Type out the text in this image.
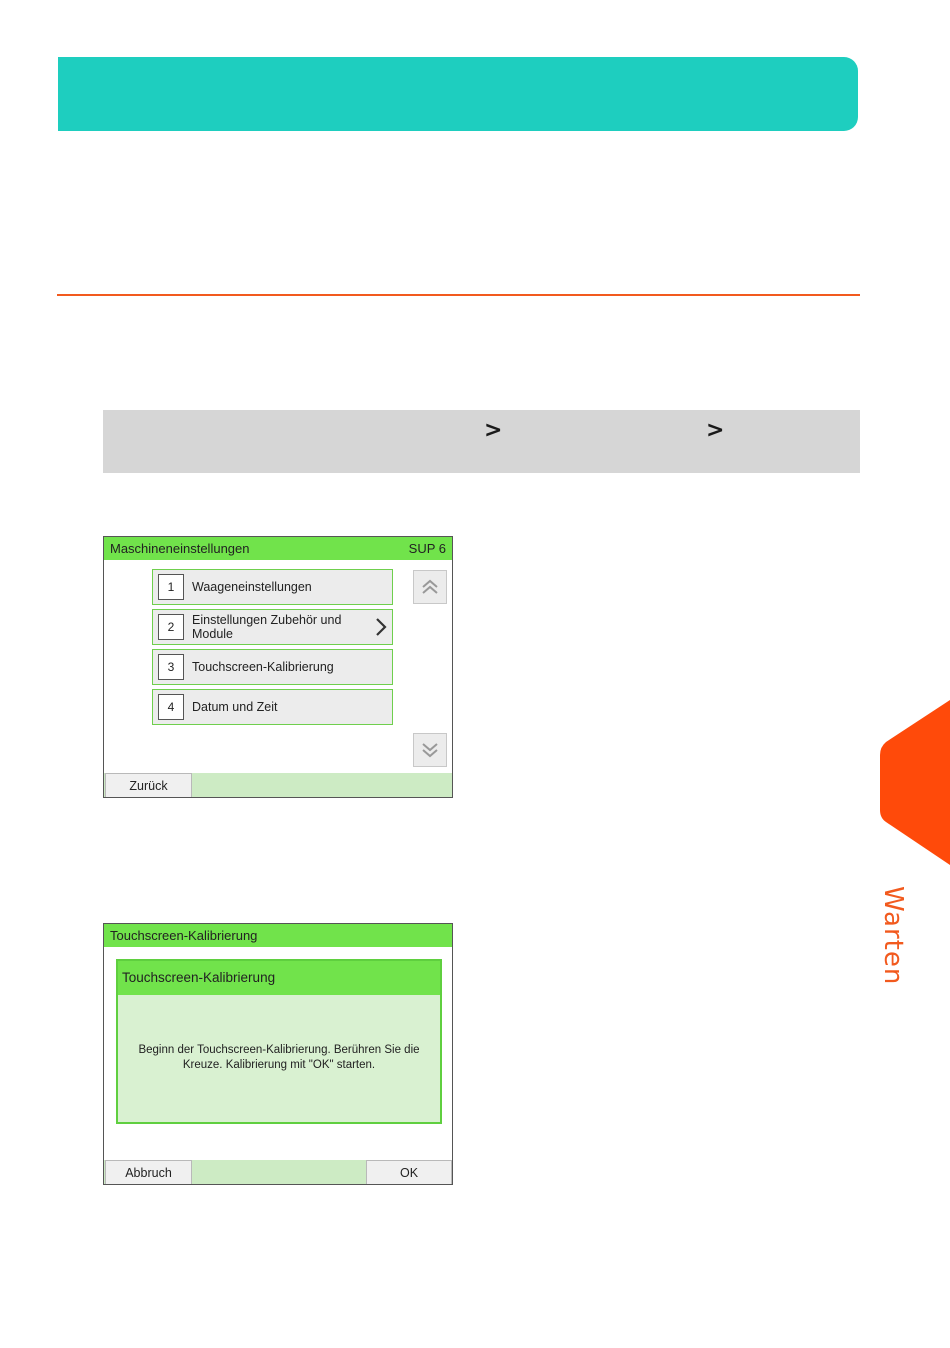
>	>
Maschineneinstellungen	SUP 6
1	Waageneinstellungen
2	Einstellungen Zubehör und Module
3	Touchscreen-Kalibrierung
4	Datum und Zeit
Zurück
Touchscreen-Kalibrierung
Touchscreen-Kalibrierung
Beginn der Touchscreen-Kalibrierung. Berühren Sie die Kreuze. Kalibrierung mit "OK" starten.
Abbruch	OK
Warten
